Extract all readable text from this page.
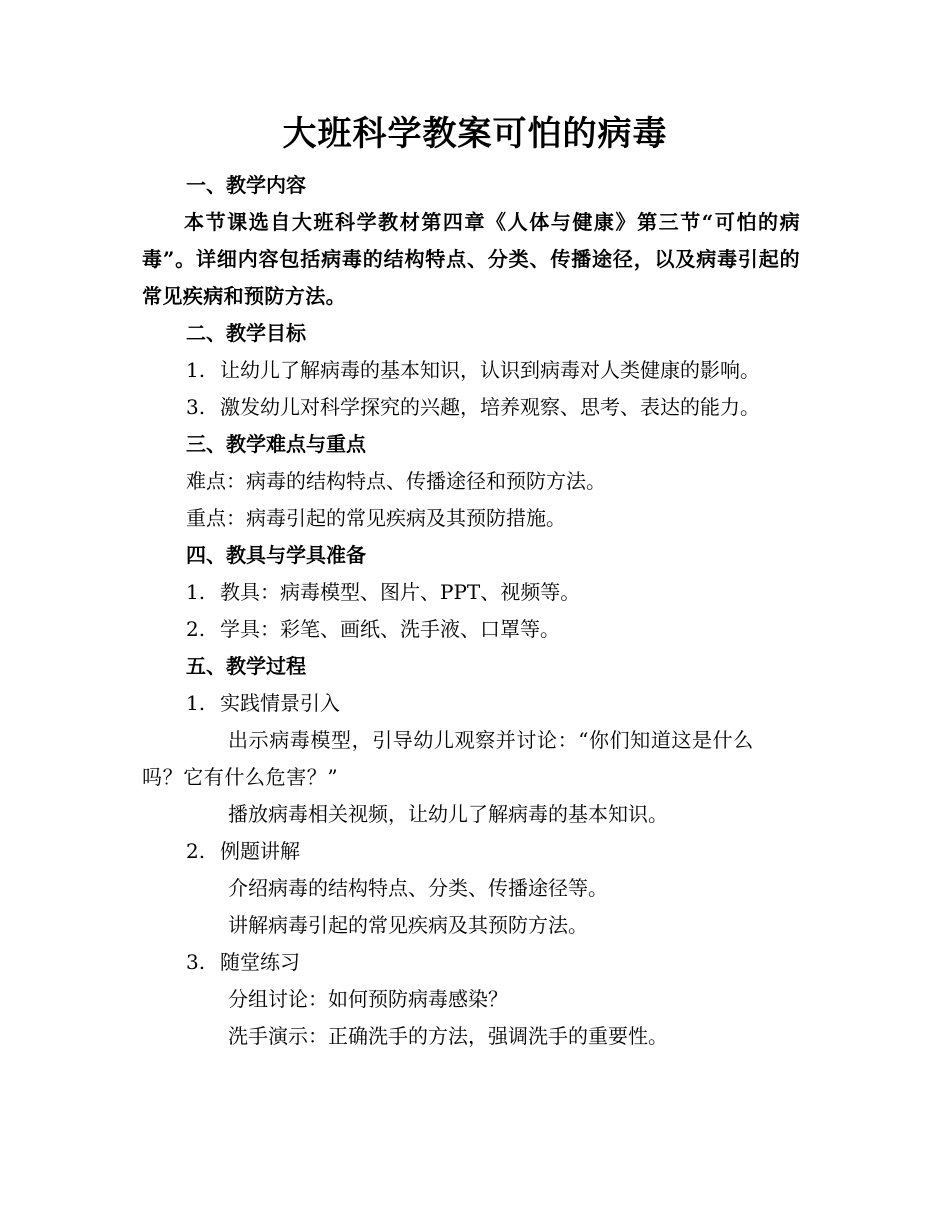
大班科学教案可怕的病毒
一、教学内容
本节课选自大班科学教材第四章《人体与健康》第三节“可怕的病毒”。详细内容包括病毒的结构特点、分类、传播途径，以及病毒引起的常见疾病和预防方法。
二、教学目标
1. 让幼儿了解病毒的基本知识，认识到病毒对人类健康的影响。
3. 激发幼儿对科学探究的兴趣，培养观察、思考、表达的能力。
三、教学难点与重点
难点：病毒的结构特点、传播途径和预防方法。
重点：病毒引起的常见疾病及其预防措施。
四、教具与学具准备
1. 教具：病毒模型、图片、PPT、视频等。
2. 学具：彩笔、画纸、洗手液、口罩等。
五、教学过程
1. 实践情景引入
出示病毒模型，引导幼儿观察并讨论：“你们知道这是什么吗？它有什么危害？”
播放病毒相关视频，让幼儿了解病毒的基本知识。
2. 例题讲解
介绍病毒的结构特点、分类、传播途径等。
讲解病毒引起的常见疾病及其预防方法。
3. 随堂练习
分组讨论：如何预防病毒感染？
洗手演示：正确洗手的方法，强调洗手的重要性。
